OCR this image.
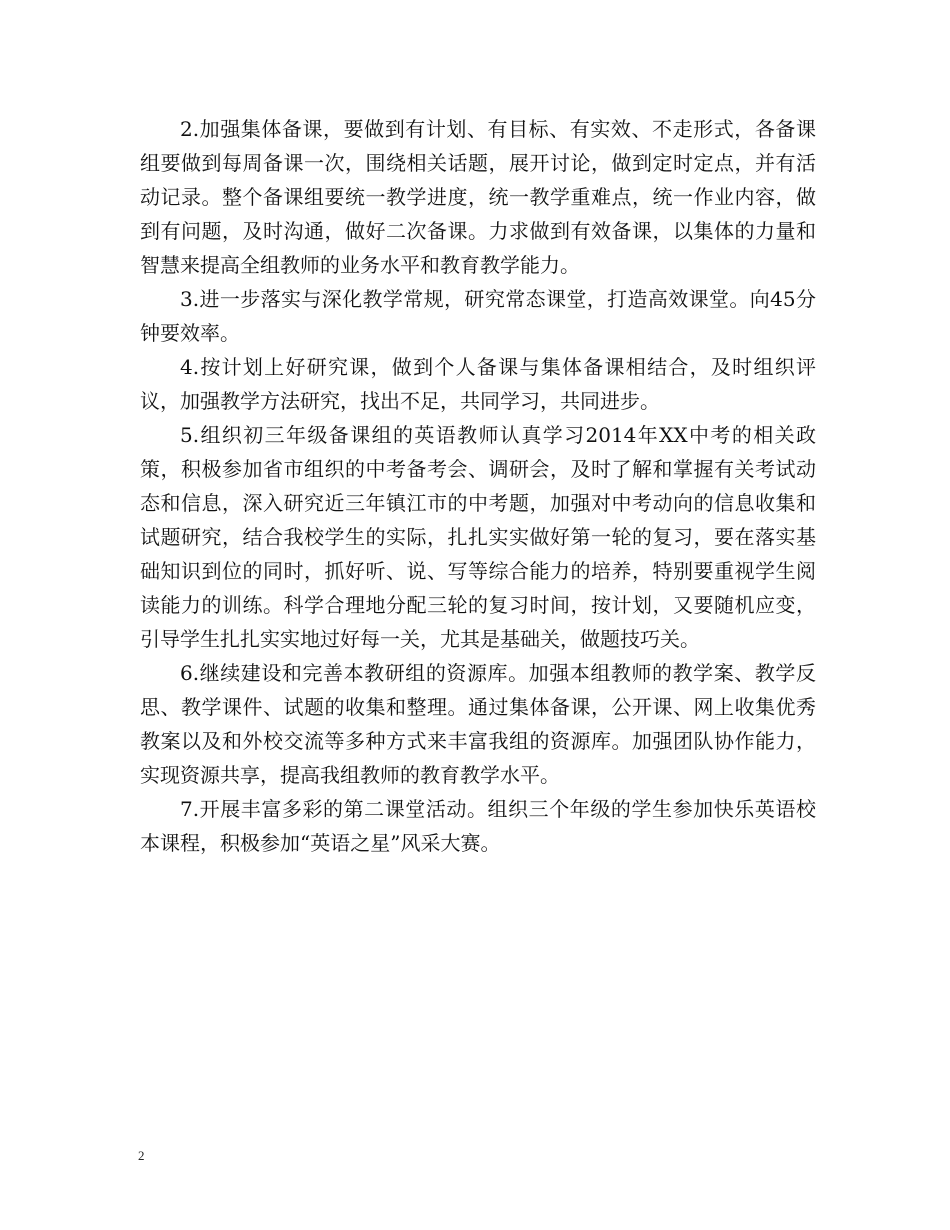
2.加强集体备课，要做到有计划、有目标、有实效、不走形式，各备课组要做到每周备课一次，围绕相关话题，展开讨论，做到定时定点，并有活动记录。整个备课组要统一教学进度，统一教学重难点，统一作业内容，做到有问题，及时沟通，做好二次备课。力求做到有效备课，以集体的力量和智慧来提高全组教师的业务水平和教育教学能力。

3.进一步落实与深化教学常规，研究常态课堂，打造高效课堂。向45分钟要效率。

4.按计划上好研究课，做到个人备课与集体备课相结合，及时组织评议，加强教学方法研究，找出不足，共同学习，共同进步。

5.组织初三年级备课组的英语教师认真学习2014年XX中考的相关政策，积极参加省市组织的中考备考会、调研会，及时了解和掌握有关考试动态和信息，深入研究近三年镇江市的中考题，加强对中考动向的信息收集和试题研究，结合我校学生的实际，扎扎实实做好第一轮的复习，要在落实基础知识到位的同时，抓好听、说、写等综合能力的培养，特别要重视学生阅读能力的训练。科学合理地分配三轮的复习时间，按计划，又要随机应变，引导学生扎扎实实地过好每一关，尤其是基础关，做题技巧关。

6.继续建设和完善本教研组的资源库。加强本组教师的教学案、教学反思、教学课件、试题的收集和整理。通过集体备课，公开课、网上收集优秀教案以及和外校交流等多种方式来丰富我组的资源库。加强团队协作能力，实现资源共享，提高我组教师的教育教学水平。

7.开展丰富多彩的第二课堂活动。组织三个年级的学生参加快乐英语校本课程，积极参加“英语之星”风采大赛。

2
